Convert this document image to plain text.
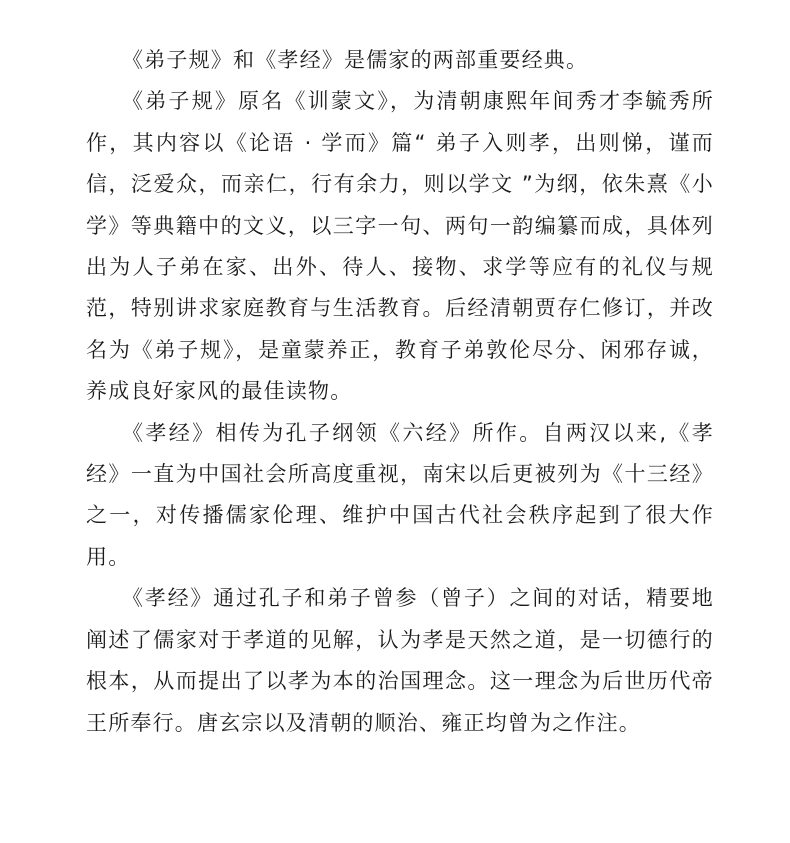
《弟子规》和《孝经》是儒家的两部重要经典。

《弟子规》原名《训蒙文》，为清朝康熙年间秀才李毓秀所作，其内容以《论语 · 学而》篇“ 弟子入则孝，出则悌，谨而信，泛爱众，而亲仁，行有余力，则以学文 ”为纲，依朱熹《小学》等典籍中的文义，以三字一句、两句一韵编纂而成，具体列出为人子弟在家、出外、待人、接物、求学等应有的礼仪与规范，特别讲求家庭教育与生活教育。后经清朝贾存仁修订，并改名为《弟子规》，是童蒙养正，教育子弟敦伦尽分、闲邪存诚，养成良好家风的最佳读物。

《孝经》相传为孔子纲领《六经》所作。自两汉以来,《孝经》一直为中国社会所高度重视，南宋以后更被列为《十三经》之一，对传播儒家伦理、维护中国古代社会秩序起到了很大作用。

《孝经》通过孔子和弟子曾参（曾子）之间的对话，精要地阐述了儒家对于孝道的见解，认为孝是天然之道，是一切德行的根本，从而提出了以孝为本的治国理念。这一理念为后世历代帝王所奉行。唐玄宗以及清朝的顺治、雍正均曾为之作注。
